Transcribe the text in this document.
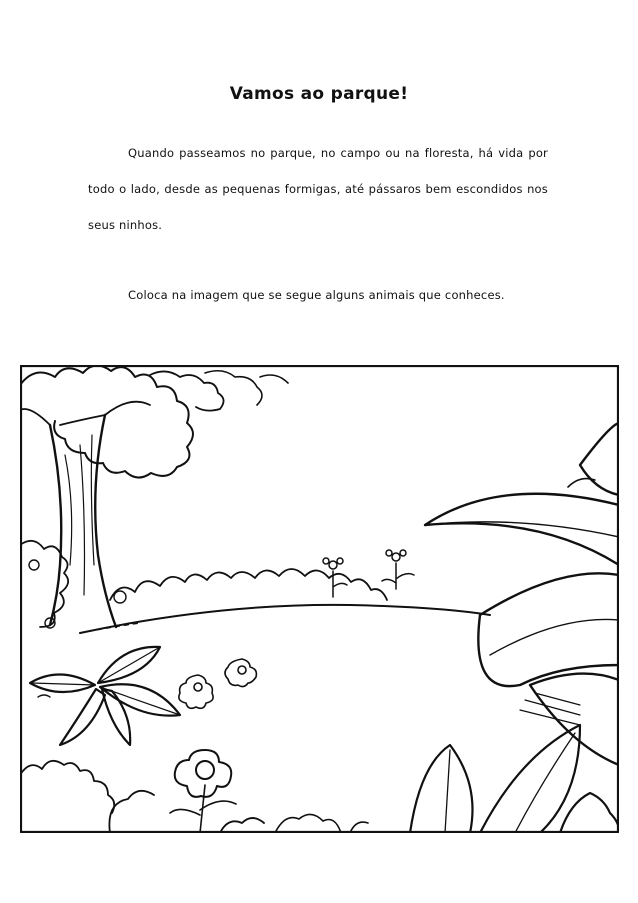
Vamos ao parque!
Quando passeamos no parque, no campo ou na floresta, há vida por todo o lado, desde as pequenas formigas, até pássaros bem escondidos nos seus ninhos.
Coloca na imagem que se segue alguns animais que conheces.
